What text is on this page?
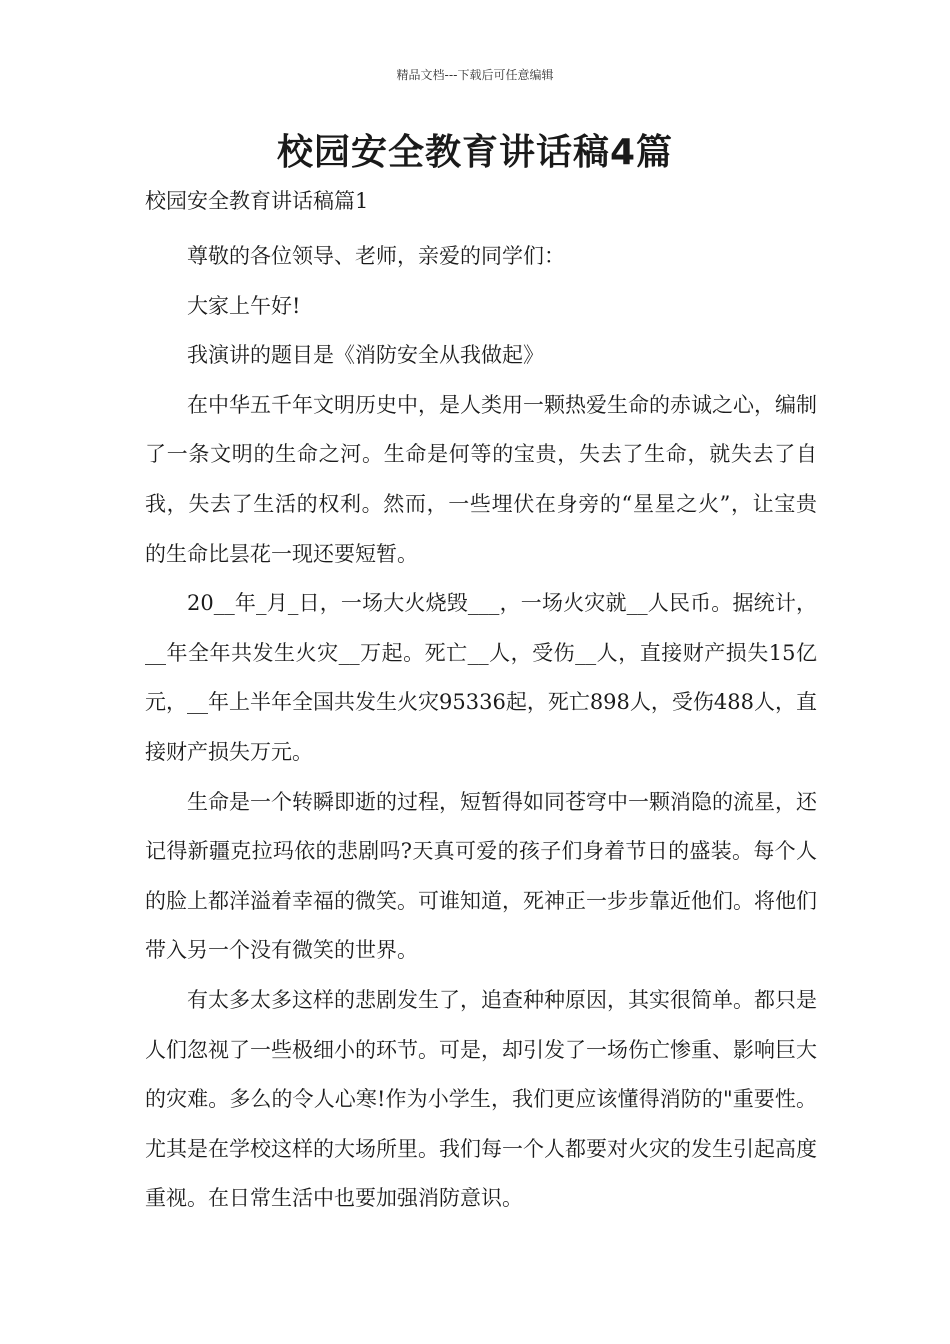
精品文档---下载后可任意编辑
校园安全教育讲话稿4篇
校园安全教育讲话稿篇1

尊敬的各位领导、老师，亲爱的同学们：

大家上午好!

我演讲的题目是《消防安全从我做起》

在中华五千年文明历史中，是人类用一颗热爱生命的赤诚之心，编制了一条文明的生命之河。生命是何等的宝贵，失去了生命，就失去了自我，失去了生活的权利。然而，一些埋伏在身旁的“星星之火”，让宝贵的生命比昙花一现还要短暂。

20__年_月_日，一场大火烧毁___，一场火灾就__人民币。据统计，__年全年共发生火灾__万起。死亡__人，受伤__人，直接财产损失15亿元，__年上半年全国共发生火灾95336起，死亡898人，受伤488人，直接财产损失万元。

生命是一个转瞬即逝的过程，短暂得如同苍穹中一颗消隐的流星，还记得新疆克拉玛依的悲剧吗?天真可爱的孩子们身着节日的盛装。每个人的脸上都洋溢着幸福的微笑。可谁知道，死神正一步步靠近他们。将他们带入另一个没有微笑的世界。

有太多太多这样的悲剧发生了，追查种种原因，其实很简单。都只是人们忽视了一些极细小的环节。可是，却引发了一场伤亡惨重、影响巨大的灾难。多么的令人心寒!作为小学生，我们更应该懂得消防的"重要性。尤其是在学校这样的大场所里。我们每一个人都要对火灾的发生引起高度重视。在日常生活中也要加强消防意识。
